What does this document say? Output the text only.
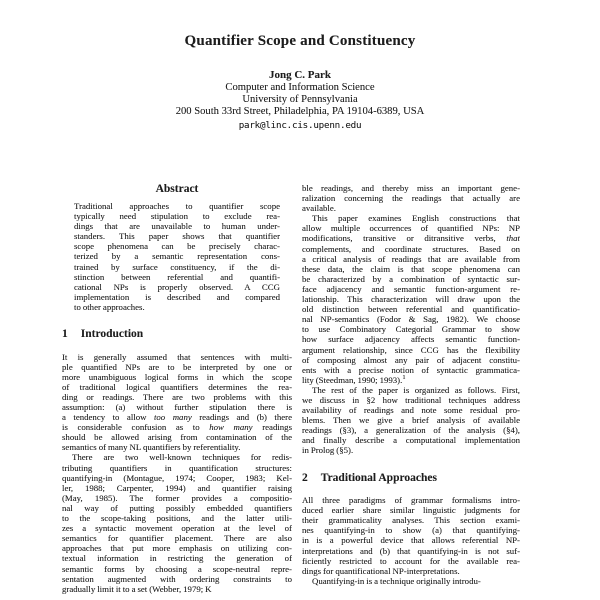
Quantifier Scope and Constituency
Jong C. Park
Computer and Information Science
University of Pennsylvania
200 South 33rd Street, Philadelphia, PA 19104-6389, USA
park@linc.cis.upenn.edu
Abstract
Traditional approaches to quantifier scope
typically need stipulation to exclude rea-
dings that are unavailable to human under-
standers. This paper shows that quantifier
scope phenomena can be precisely charac-
terized by a semantic representation cons-
trained by surface constituency, if the di-
stinction between referential and quantifi-
cational NPs is properly observed. A CCG
implementation is described and compared
to other approaches.
1 Introduction
It is generally assumed that sentences with multi-
ple quantified NPs are to be interpreted by one or
more unambiguous logical forms in which the scope
of traditional logical quantifiers determines the rea-
ding or readings. There are two problems with this
assumption: (a) without further stipulation there is
a tendency to allow too many readings and (b) there
is considerable confusion as to how many readings
should be allowed arising from contamination of the
semantics of many NL quantifiers by referentiality.
There are two well-known techniques for redis-
tributing quantifiers in quantification structures:
quantifying-in (Montague, 1974; Cooper, 1983; Kel-
ler, 1988; Carpenter, 1994) and quantifier raising
(May, 1985). The former provides a compositio-
nal way of putting possibly embedded quantifiers
to the scope-taking positions, and the latter utili-
zes a syntactic movement operation at the level of
semantics for quantifier placement. There are also
approaches that put more emphasis on utilizing con-
textual information in restricting the generation of
semantic forms by choosing a scope-neutral repre-
sentation augmented with ordering constraints to
gradually limit it to a set (Webber, 1979; K
ble readings, and thereby miss an important gene-
ralization concerning the readings that actually are
available.
This paper examines English constructions that
allow multiple occurrences of quantified NPs: NP
modifications, transitive or ditransitive verbs, that
complements, and coordinate structures. Based on
a critical analysis of readings that are available from
these data, the claim is that scope phenomena can
be characterized by a combination of syntactic sur-
face adjacency and semantic function-argument re-
lationship. This characterization will draw upon the
old distinction between referential and quantificatio-
nal NP-semantics (Fodor & Sag, 1982). We choose
to use Combinatory Categorial Grammar to show
how surface adjacency affects semantic function-
argument relationship, since CCG has the flexibility
of composing almost any pair of adjacent constitu-
ents with a precise notion of syntactic grammatica-
lity (Steedman, 1990; 1993).$^1$
The rest of the paper is organized as follows. First,
we discuss in §2 how traditional techniques address
availability of readings and note some residual pro-
blems. Then we give a brief analysis of available
readings (§3), a generalization of the analysis (§4),
and finally describe a computational implementation
in Prolog (§5).
2 Traditional Approaches
All three paradigms of grammar formalisms intro-
duced earlier share similar linguistic judgments for
their grammaticality analyses. This section exami-
nes quantifying-in to show (a) that quantifying-
in is a powerful device that allows referential NP-
interpretations and (b) that quantifying-in is not suf-
ficiently restricted to account for the available rea-
dings for quantificational NP-interpretations.
Quantifying-in is a technique originally introdu-
